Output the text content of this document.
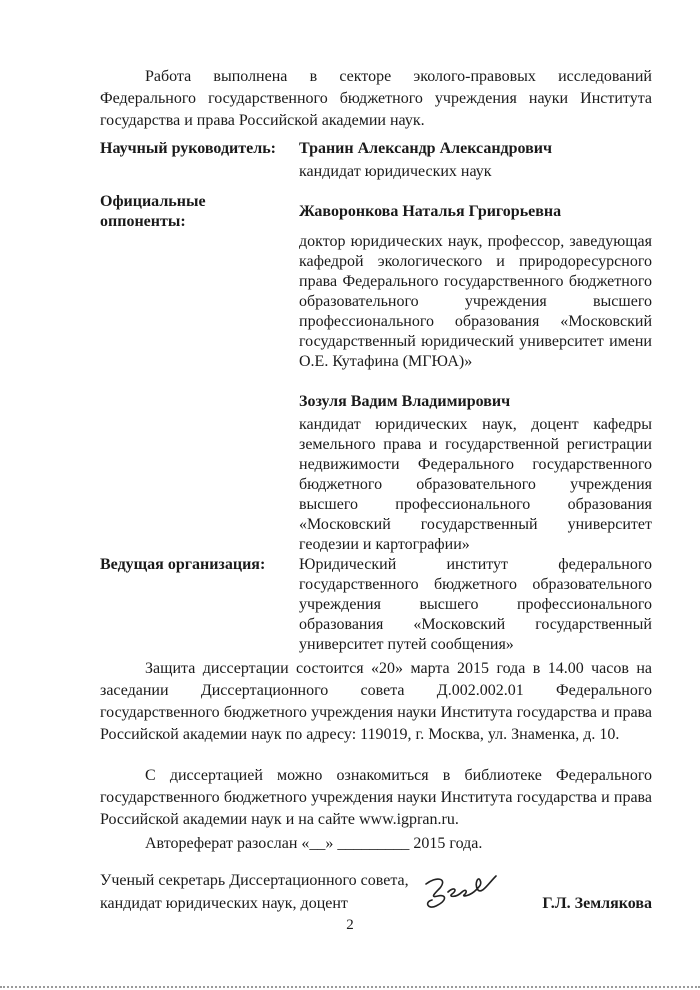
Работа выполнена в секторе эколого-правовых исследований Федерального государственного бюджетного учреждения науки Института государства и права Российской академии наук.

Научный руководитель: Транин Александр Александрович
кандидат юридических наук
Официальные оппоненты:
Жаворонкова Наталья Григорьевна
доктор юридических наук, профессор, заведующая кафедрой экологического и природоресурсного права Федерального государственного бюджетного образовательного учреждения высшего профессионального образования «Московский государственный юридический университет имени О.Е. Кутафина (МГЮА)»
Зозуля Вадим Владимирович
кандидат юридических наук, доцент кафедры земельного права и государственной регистрации недвижимости Федерального государственного бюджетного образовательного учреждения высшего профессионального образования «Московский государственный университет геодезии и картографии»
Ведущая организация: Юридический институт федерального государственного бюджетного образовательного учреждения высшего профессионального образования «Московский государственный университет путей сообщения»

Защита диссертации состоится «20» марта 2015 года в 14.00 часов на заседании Диссертационного совета Д.002.002.01 Федерального государственного бюджетного учреждения науки Института государства и права Российской академии наук по адресу: 119019, г. Москва, ул. Знаменка, д. 10.

С диссертацией можно ознакомиться в библиотеке Федерального государственного бюджетного учреждения науки Института государства и права Российской академии наук и на сайте www.igpran.ru.

Автореферат разослан «__» _________ 2015 года.

Ученый секретарь Диссертационного совета,
кандидат юридических наук, доцент	Г.Л. Землякова
2
